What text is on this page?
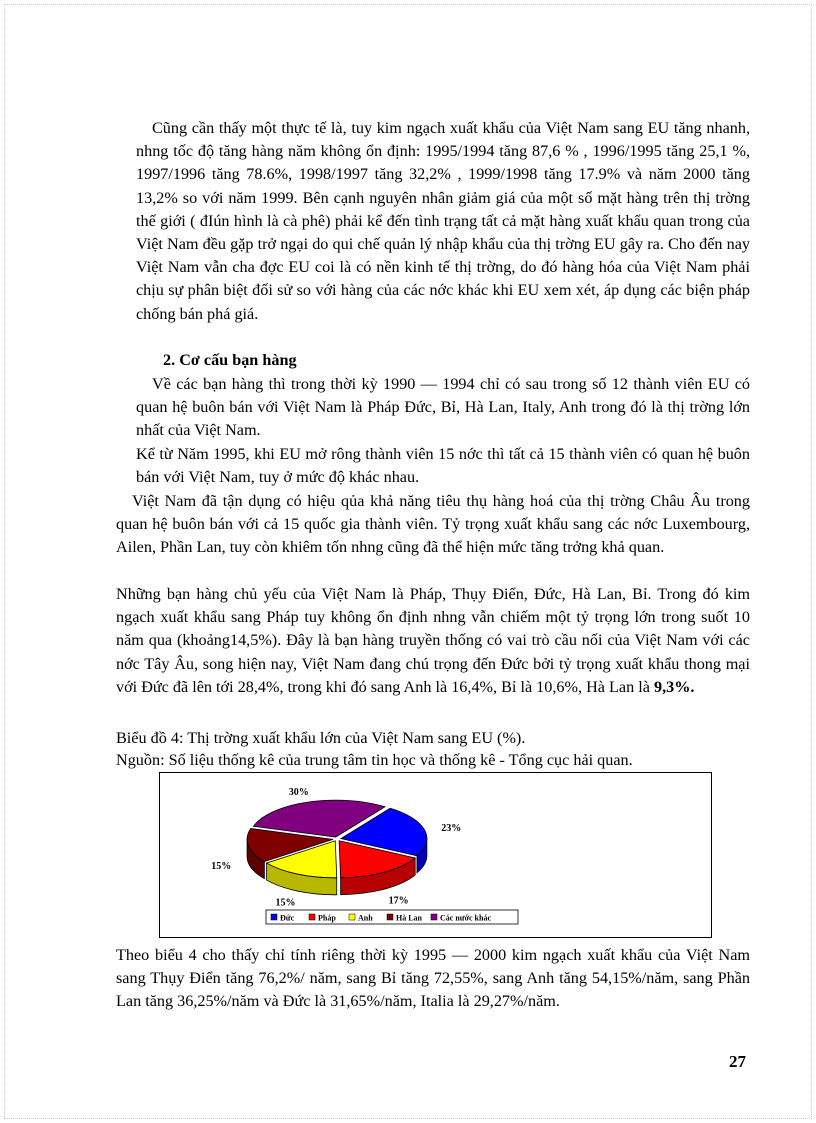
Cũng cần thấy một thực tế là, tuy kim ngạch xuất khẩu của Việt Nam sang EU tăng nhanh, nhng tốc độ tăng hàng năm không ổn định: 1995/1994 tăng 87,6 % , 1996/1995 tăng 25,1 %, 1997/1996 tăng 78.6%, 1998/1997 tăng 32,2% , 1999/1998 tăng 17.9% và năm 2000 tăng 13,2% so với năm 1999. Bên cạnh nguyên nhân giảm giá của một số mặt hàng trên thị trờng thế giới ( đIún hình là cà phê) phải kể đến tình trạng tất cả mặt hàng xuất khẩu quan trong của Việt Nam đều gặp trở ngại do qui chế quản lý nhập khẩu của thị trờng EU gây ra. Cho đến nay Việt Nam vẫn cha đợc EU coi là có nền kinh tế thị trờng, do đó hàng hóa của Việt Nam phải chịu sự phân biệt đối sử so với hàng của các nớc khác khi EU xem xét, áp dụng các biện pháp chống bán phá giá.

2. Cơ cấu bạn hàng

Về các bạn hàng thì trong thời kỳ 1990 — 1994 chỉ có sau trong số 12 thành viên EU có quan hệ buôn bán với Việt Nam là Pháp Đức, Bỉ, Hà Lan, Italy, Anh trong đó là thị trờng lớn nhất của Việt Nam.

Kể từ Năm 1995, khi EU mở rông thành viên 15 nớc thì tất cả 15 thành viên có quan hệ buôn bán với Việt Nam, tuy ở mức độ khác nhau.

Việt Nam đã tận dụng có hiệu qủa khả năng tiêu thụ hàng hoá của thị trờng Châu Âu trong quan hệ buôn bán với cả 15 quốc gia thành viên. Tỷ trọng xuất khẩu sang các nớc Luxembourg, Ailen, Phần Lan, tuy còn khiêm tốn nhng cũng đã thể hiện mức tăng trởng khả quan.

Những bạn hàng chủ yếu của Việt Nam là Pháp, Thụy Điển, Đức, Hà Lan, Bỉ. Trong đó kim ngạch xuất khẩu sang Pháp tuy không ổn định nhng vẫn chiếm một tỷ trọng lớn trong suốt 10 năm qua (khoảng14,5%). Đây là bạn hàng truyền thống có vai trò cầu nối của Việt Nam với các nớc Tây Âu, song hiện nay, Việt Nam đang chú trọng đến Đức bởi tỷ trọng xuất khẩu thong mại với Đức đã lên tới 28,4%, trong khi đó sang Anh là 16,4%, Bỉ là 10,6%, Hà Lan là 9,3%.

Biểu đồ 4: Thị trờng xuất khẩu lớn của Việt Nam sang EU (%).

Nguồn: Số liệu thống kê của trung tâm tin học và thống kê - Tổng cục hải quan.

23%
17%
15%
15%
30%
Đức	Pháp	Anh	Hà Lan Các nước khác

Theo biểu 4 cho thấy chỉ tính riêng thời kỳ 1995 — 2000 kim ngạch xuất khẩu của Việt Nam sang Thụy Điển tăng 76,2%/ năm, sang Bỉ tăng 72,55%, sang Anh tăng 54,15%/năm, sang Phần Lan tăng 36,25%/năm và Đức là 31,65%/năm, Italia là 29,27%/năm.

27
